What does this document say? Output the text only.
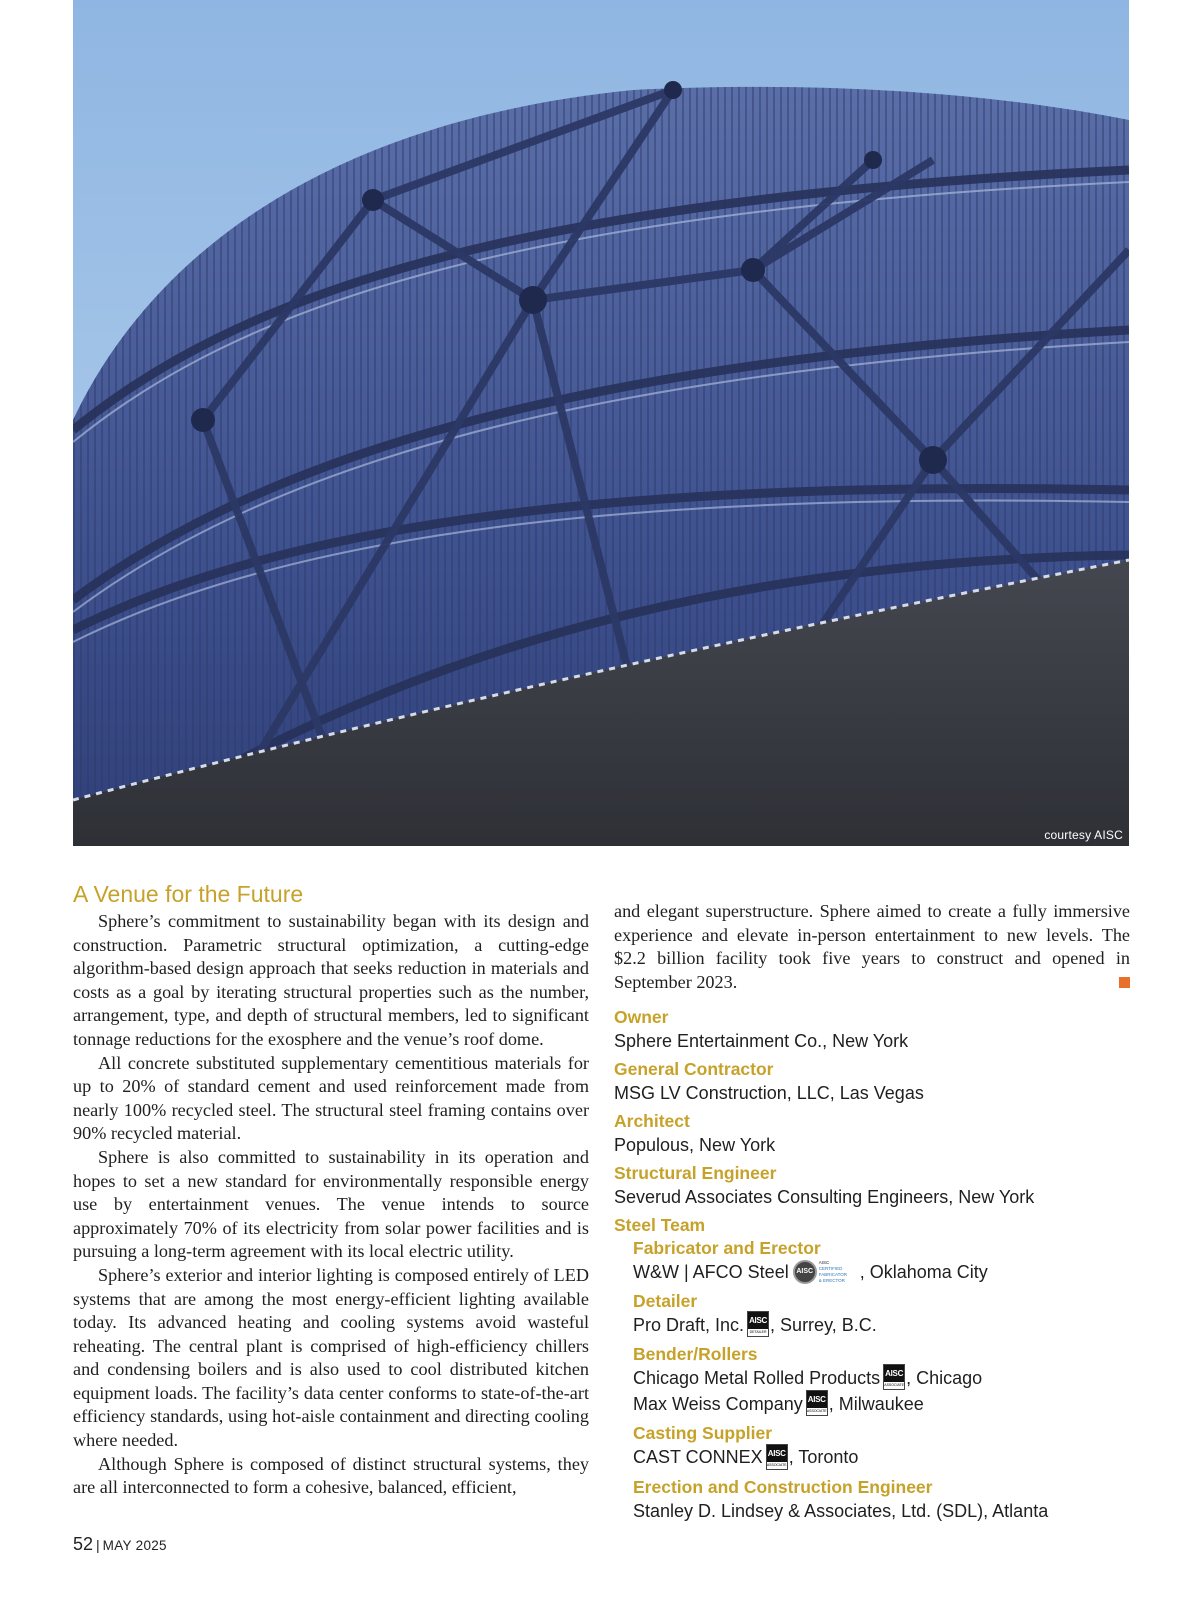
courtesy AISC
A Venue for the Future

Sphere’s commitment to sustainability began with its design and construction. Parametric structural optimization, a cutting-edge algorithm-based design approach that seeks reduction in materials and costs as a goal by iterating structural properties such as the number, arrangement, type, and depth of structural members, led to significant tonnage reductions for the exosphere and the venue’s roof dome.

All concrete substituted supplementary cementitious materials for up to 20% of standard cement and used reinforcement made from nearly 100% recycled steel. The structural steel framing contains over 90% recycled material.

Sphere is also committed to sustainability in its operation and hopes to set a new standard for environmentally responsible energy use by entertainment venues. The venue intends to source approximately 70% of its electricity from solar power facilities and is pursuing a long-term agreement with its local electric utility.

Sphere’s exterior and interior lighting is composed entirely of LED systems that are among the most energy-efficient lighting available today. Its advanced heating and cooling systems avoid wasteful reheating. The central plant is comprised of high-efficiency chillers and condensing boilers and is also used to cool distributed kitchen equipment loads. The facility’s data center conforms to state-of-the-art efficiency standards, using hot-aisle containment and directing cooling where needed.

Although Sphere is composed of distinct structural systems, they are all interconnected to form a cohesive, balanced, efficient,

and elegant superstructure. Sphere aimed to create a fully immersive experience and elevate in-person entertainment to new levels. The $2.2 billion facility took five years to construct and opened in September 2023.

Owner
Sphere Entertainment Co., New York
General Contractor
MSG LV Construction, LLC, Las Vegas
Architect
Populous, New York
Structural Engineer
Severud Associates Consulting Engineers, New York
Steel Team
Fabricator and Erector
W&W | AFCO Steel AISCAISC
CERTIFIED
FABRICATOR
& ERECTOR , Oklahoma City
Detailer
Pro Draft, Inc. AISC
DETAILER , Surrey, B.C.
Bender/Rollers
Chicago Metal Rolled Products AISC
ASSOCIATE , Chicago
Max Weiss Company AISC
ASSOCIATE , Milwaukee
Casting Supplier
CAST CONNEX AISC
ASSOCIATE , Toronto
Erection and Construction Engineer
Stanley D. Lindsey & Associates, Ltd. (SDL), Atlanta
52 | MAY 2025
